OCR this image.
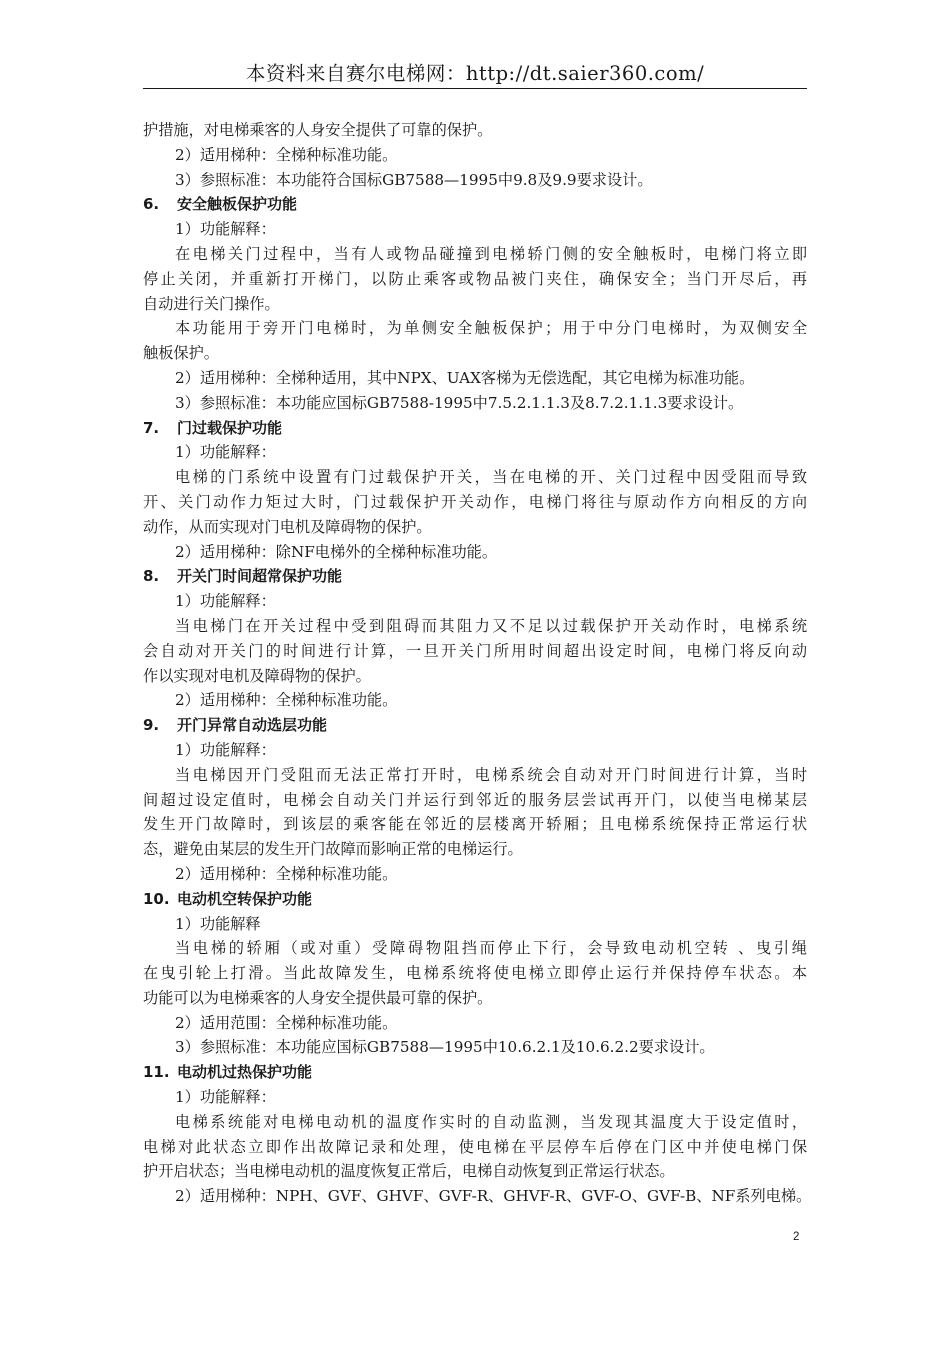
本资料来自赛尔电梯网：http://dt.saier360.com/
护措施，对电梯乘客的人身安全提供了可靠的保护。
2）适用梯种：全梯种标准功能。
3）参照标准：本功能符合国标GB7588—1995中9.8及9.9要求设计。
6. 安全触板保护功能
1）功能解释：
在电梯关门过程中，当有人或物品碰撞到电梯轿门侧的安全触板时，电梯门将立即
停止关闭，并重新打开梯门，以防止乘客或物品被门夹住，确保安全；当门开尽后，再
自动进行关门操作。
本功能用于旁开门电梯时，为单侧安全触板保护；用于中分门电梯时，为双侧安全
触板保护。
2）适用梯种：全梯种适用，其中NPX、UAX客梯为无偿选配，其它电梯为标准功能。
3）参照标准：本功能应国标GB7588-1995中7.5.2.1.1.3及8.7.2.1.1.3要求设计。
7. 门过载保护功能
1）功能解释：
电梯的门系统中设置有门过载保护开关，当在电梯的开、关门过程中因受阻而导致
开、关门动作力矩过大时，门过载保护开关动作，电梯门将往与原动作方向相反的方向
动作，从而实现对门电机及障碍物的保护。
2）适用梯种：除NF电梯外的全梯种标准功能。
8. 开关门时间超常保护功能
1）功能解释：
当电梯门在开关过程中受到阻碍而其阻力又不足以过载保护开关动作时，电梯系统
会自动对开关门的时间进行计算，一旦开关门所用时间超出设定时间，电梯门将反向动
作以实现对电机及障碍物的保护。
2）适用梯种：全梯种标准功能。
9. 开门异常自动选层功能
1）功能解释：
当电梯因开门受阻而无法正常打开时，电梯系统会自动对开门时间进行计算，当时
间超过设定值时，电梯会自动关门并运行到邻近的服务层尝试再开门，以使当电梯某层
发生开门故障时，到该层的乘客能在邻近的层楼离开轿厢；且电梯系统保持正常运行状
态，避免由某层的发生开门故障而影响正常的电梯运行。
2）适用梯种：全梯种标准功能。
10. 电动机空转保护功能
1）功能解释
当电梯的轿厢（或对重）受障碍物阻挡而停止下行，会导致电动机空转 、曳引绳
在曳引轮上打滑。当此故障发生，电梯系统将使电梯立即停止运行并保持停车状态。本
功能可以为电梯乘客的人身安全提供最可靠的保护。
2）适用范围：全梯种标准功能。
3）参照标准：本功能应国标GB7588—1995中10.6.2.1及10.6.2.2要求设计。
11. 电动机过热保护功能
1）功能解释：
电梯系统能对电梯电动机的温度作实时的自动监测，当发现其温度大于设定值时，
电梯对此状态立即作出故障记录和处理，使电梯在平层停车后停在门区中并使电梯门保
护开启状态；当电梯电动机的温度恢复正常后，电梯自动恢复到正常运行状态。
2）适用梯种：NPH、GVF、GHVF、GVF-R、GHVF-R、GVF-O、GVF-B、NF系列电梯。
2
